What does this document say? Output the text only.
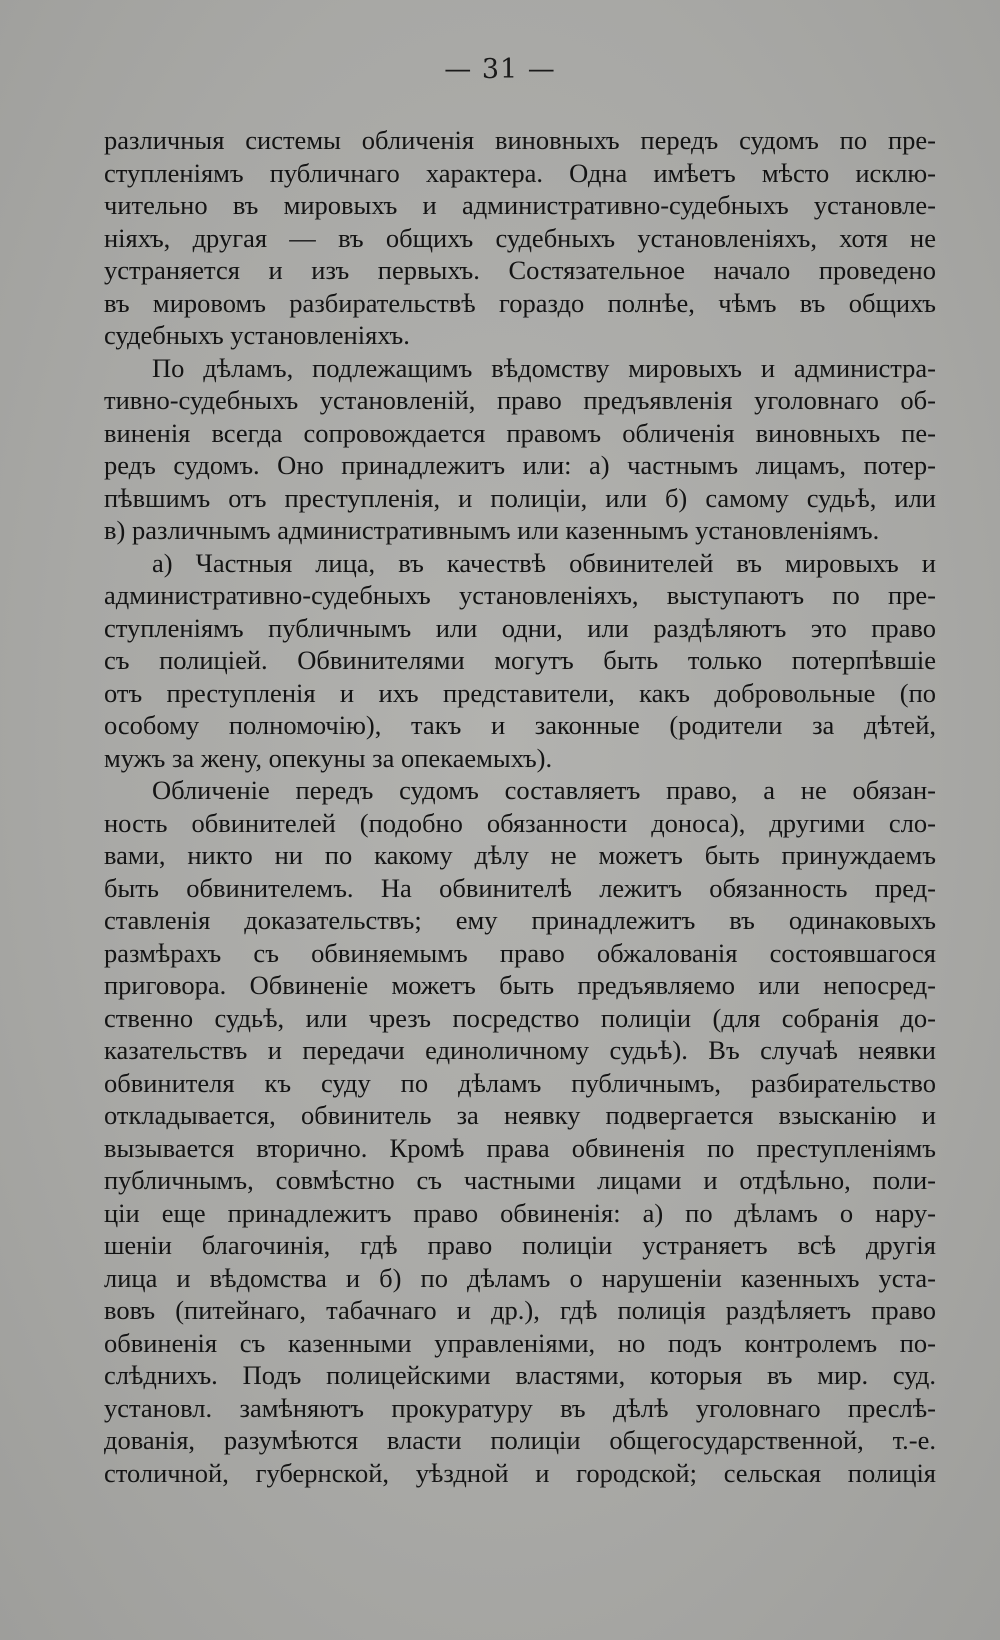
— 31 —
различныя системы обличенія виновныхъ передъ судомъ по пре-
ступленіямъ публичнаго характера. Одна имѣетъ мѣсто исклю-
чительно въ мировыхъ и административно-судебныхъ установле-
ніяхъ, другая — въ общихъ судебныхъ установленіяхъ, хотя не
устраняется и изъ первыхъ. Состязательное начало проведено
въ мировомъ разбирательствѣ гораздо полнѣе, чѣмъ въ общихъ
судебныхъ установленіяхъ.
По дѣламъ, подлежащимъ вѣдомству мировыхъ и администра-
тивно-судебныхъ установленій, право предъявленія уголовнаго об-
виненія всегда сопровождается правомъ обличенія виновныхъ пе-
редъ судомъ. Оно принадлежитъ или: а) частнымъ лицамъ, потер-
пѣвшимъ отъ преступленія, и полиціи, или б) самому судьѣ, или
в) различнымъ административнымъ или казеннымъ установленіямъ.
а) Частныя лица, въ качествѣ обвинителей въ мировыхъ и
административно-судебныхъ установленіяхъ, выступаютъ по пре-
ступленіямъ публичнымъ или одни, или раздѣляютъ это право
съ полиціей. Обвинителями могутъ быть только потерпѣвшіе
отъ преступленія и ихъ представители, какъ добровольные (по
особому полномочію), такъ и законные (родители за дѣтей,
мужъ за жену, опекуны за опекаемыхъ).
Обличеніе передъ судомъ составляетъ право, а не обязан-
ность обвинителей (подобно обязанности доноса), другими сло-
вами, никто ни по какому дѣлу не можетъ быть принуждаемъ
быть обвинителемъ. На обвинителѣ лежитъ обязанность пред-
ставленія доказательствъ; ему принадлежитъ въ одинаковыхъ
размѣрахъ съ обвиняемымъ право обжалованія состоявшагося
приговора. Обвиненіе можетъ быть предъявляемо или непосред-
ственно судьѣ, или чрезъ посредство полиціи (для собранія до-
казательствъ и передачи единоличному судьѣ). Въ случаѣ неявки
обвинителя къ суду по дѣламъ публичнымъ, разбирательство
откладывается, обвинитель за неявку подвергается взысканію и
вызывается вторично. Кромѣ права обвиненія по преступленіямъ
публичнымъ, совмѣстно съ частными лицами и отдѣльно, поли-
ціи еще принадлежитъ право обвиненія: а) по дѣламъ о нару-
шеніи благочинія, гдѣ право полиціи устраняетъ всѣ другія
лица и вѣдомства и б) по дѣламъ о нарушеніи казенныхъ уста-
вовъ (питейнаго, табачнаго и др.), гдѣ полиція раздѣляетъ право
обвиненія съ казенными управленіями, но подъ контролемъ по-
слѣднихъ. Подъ полицейскими властями, которыя въ мир. суд.
установл. замѣняютъ прокуратуру въ дѣлѣ уголовнаго преслѣ-
дованія, разумѣются власти полиціи общегосударственной, т.-е.
столичной, губернской, уѣздной и городской; сельская полиція
